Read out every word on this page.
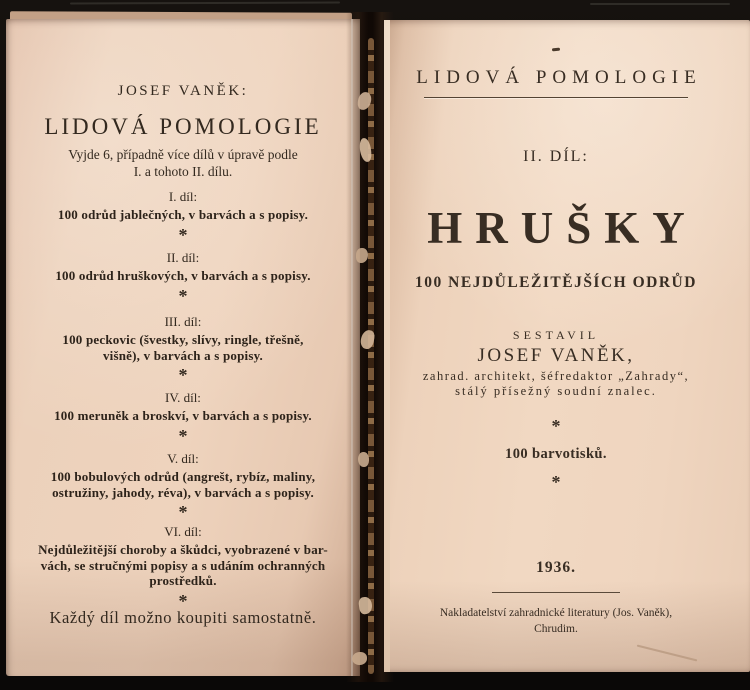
JOSEF VANĚK:
LIDOVÁ POMOLOGIE
Vyjde 6, případně více dílů v úpravě podle
I. a tohoto II. dílu.
I. díl:
100 odrůd jablečných, v barvách a s popisy.
*
II. díl:
100 odrůd hruškových, v barvách a s popisy.
*
III. díl:
100 peckovic (švestky, slívy, ringle, třešně,
višně), v barvách a s popisy.
*
IV. díl:
100 meruněk a broskví, v barvách a s popisy.
*
V. díl:
100 bobulových odrůd (angrešt, rybíz, maliny,
ostružiny, jahody, réva), v barvách a s popisy.
*
VI. díl:
Nejdůležitější choroby a škůdci, vyobrazené v bar-
vách, se stručnými popisy a s udáním ochranných
prostředků.
*
Každý díl možno koupiti samostatně.
LIDOVÁ POMOLOGIE
II. DÍL:
HRUŠKY
100 NEJDŮLEŽITĚJŠÍCH ODRŮD
SESTAVIL
JOSEF VANĚK,
zahrad. architekt, šéfredaktor „Zahrady“,
stálý přísežný soudní znalec.
*
100 barvotisků.
*
1936.
Nakladatelství zahradnické literatury (Jos. Vaněk),
Chrudim.
